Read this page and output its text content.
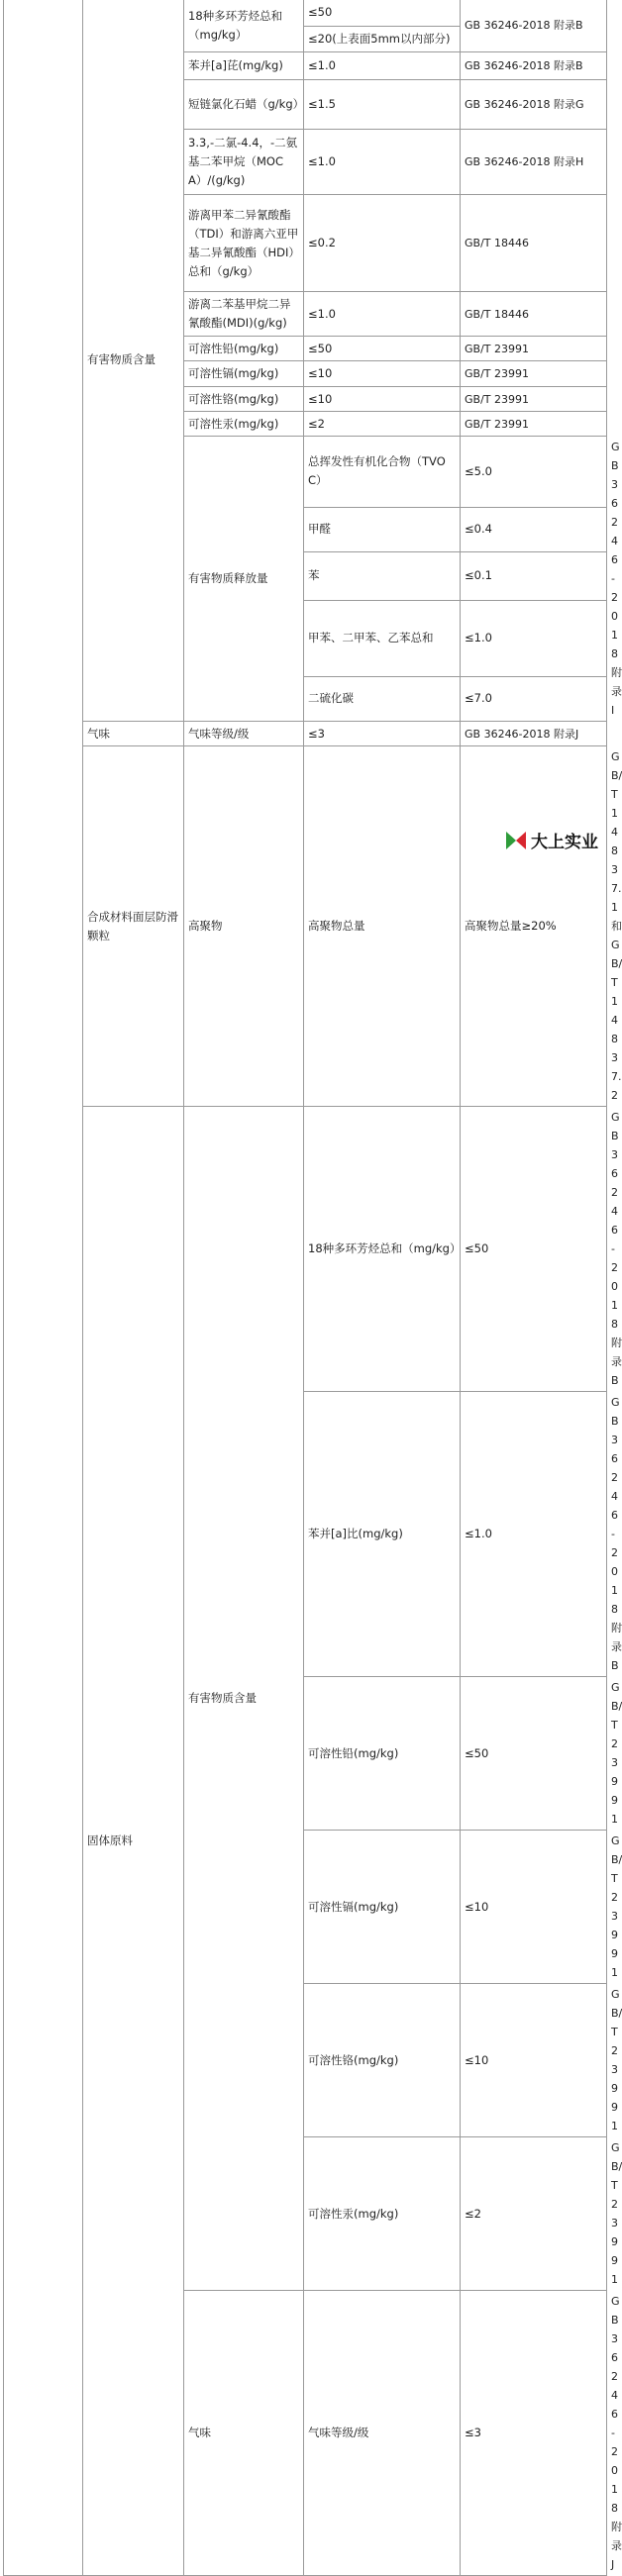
	有害物质含量	18种多环芳烃总和（mg/kg）	≤50	GB 36246-2018 附录B	
			≤20(上表面5mm以内部分)		
		苯并[a]芘(mg/kg)	≤1.0	GB 36246-2018 附录B	
		短链氯化石蜡（g/kg）	≤1.5	GB 36246-2018 附录G	
		3.3,-二氯-4.4，-二氨基二苯甲烷（MOCA）/(g/kg)	≤1.0	GB 36246-2018 附录H	
		游离甲苯二异氰酸酯（TDI）和游离六亚甲基二异氰酸酯（HDI）总和（g/kg）	≤0.2	GB/T 18446	
		游离二苯基甲烷二异氰酸酯(MDI)(g/kg)	≤1.0	GB/T 18446	
		可溶性铅(mg/kg)	≤50	GB/T 23991	
		可溶性镉(mg/kg)	≤10	GB/T 23991	
		可溶性铬(mg/kg)	≤10	GB/T 23991	
		可溶性汞(mg/kg)	≤2	GB/T 23991	
		有害物质释放量	总挥发性有机化合物（TVOC）	≤5.0	GB 36246-2018 附录I
			甲醛	≤0.4	
			苯	≤0.1	
			甲苯、二甲苯、乙苯总和	≤1.0	
			二硫化碳	≤7.0	
	气味	气味等级/级	≤3	GB 36246-2018 附录J	
	合成材料面层防滑颗粒	高聚物	高聚物总量	高聚物总量≥20%	GB/T 14837.1和GB/T 14837.2
	固体原料	有害物质含量	18种多环芳烃总和（mg/kg）	≤50	GB 36246-2018 附录B
			苯并[a]比(mg/kg)	≤1.0	GB 36246-2018 附录B
			可溶性铅(mg/kg)	≤50	GB/T 23991
			可溶性镉(mg/kg)	≤10	GB/T 23991
			可溶性铬(mg/kg)	≤10	GB/T 23991
			可溶性汞(mg/kg)	≤2	GB/T 23991
		气味	气味等级/级	≤3	GB 36246-2018 附录J
大上实业
